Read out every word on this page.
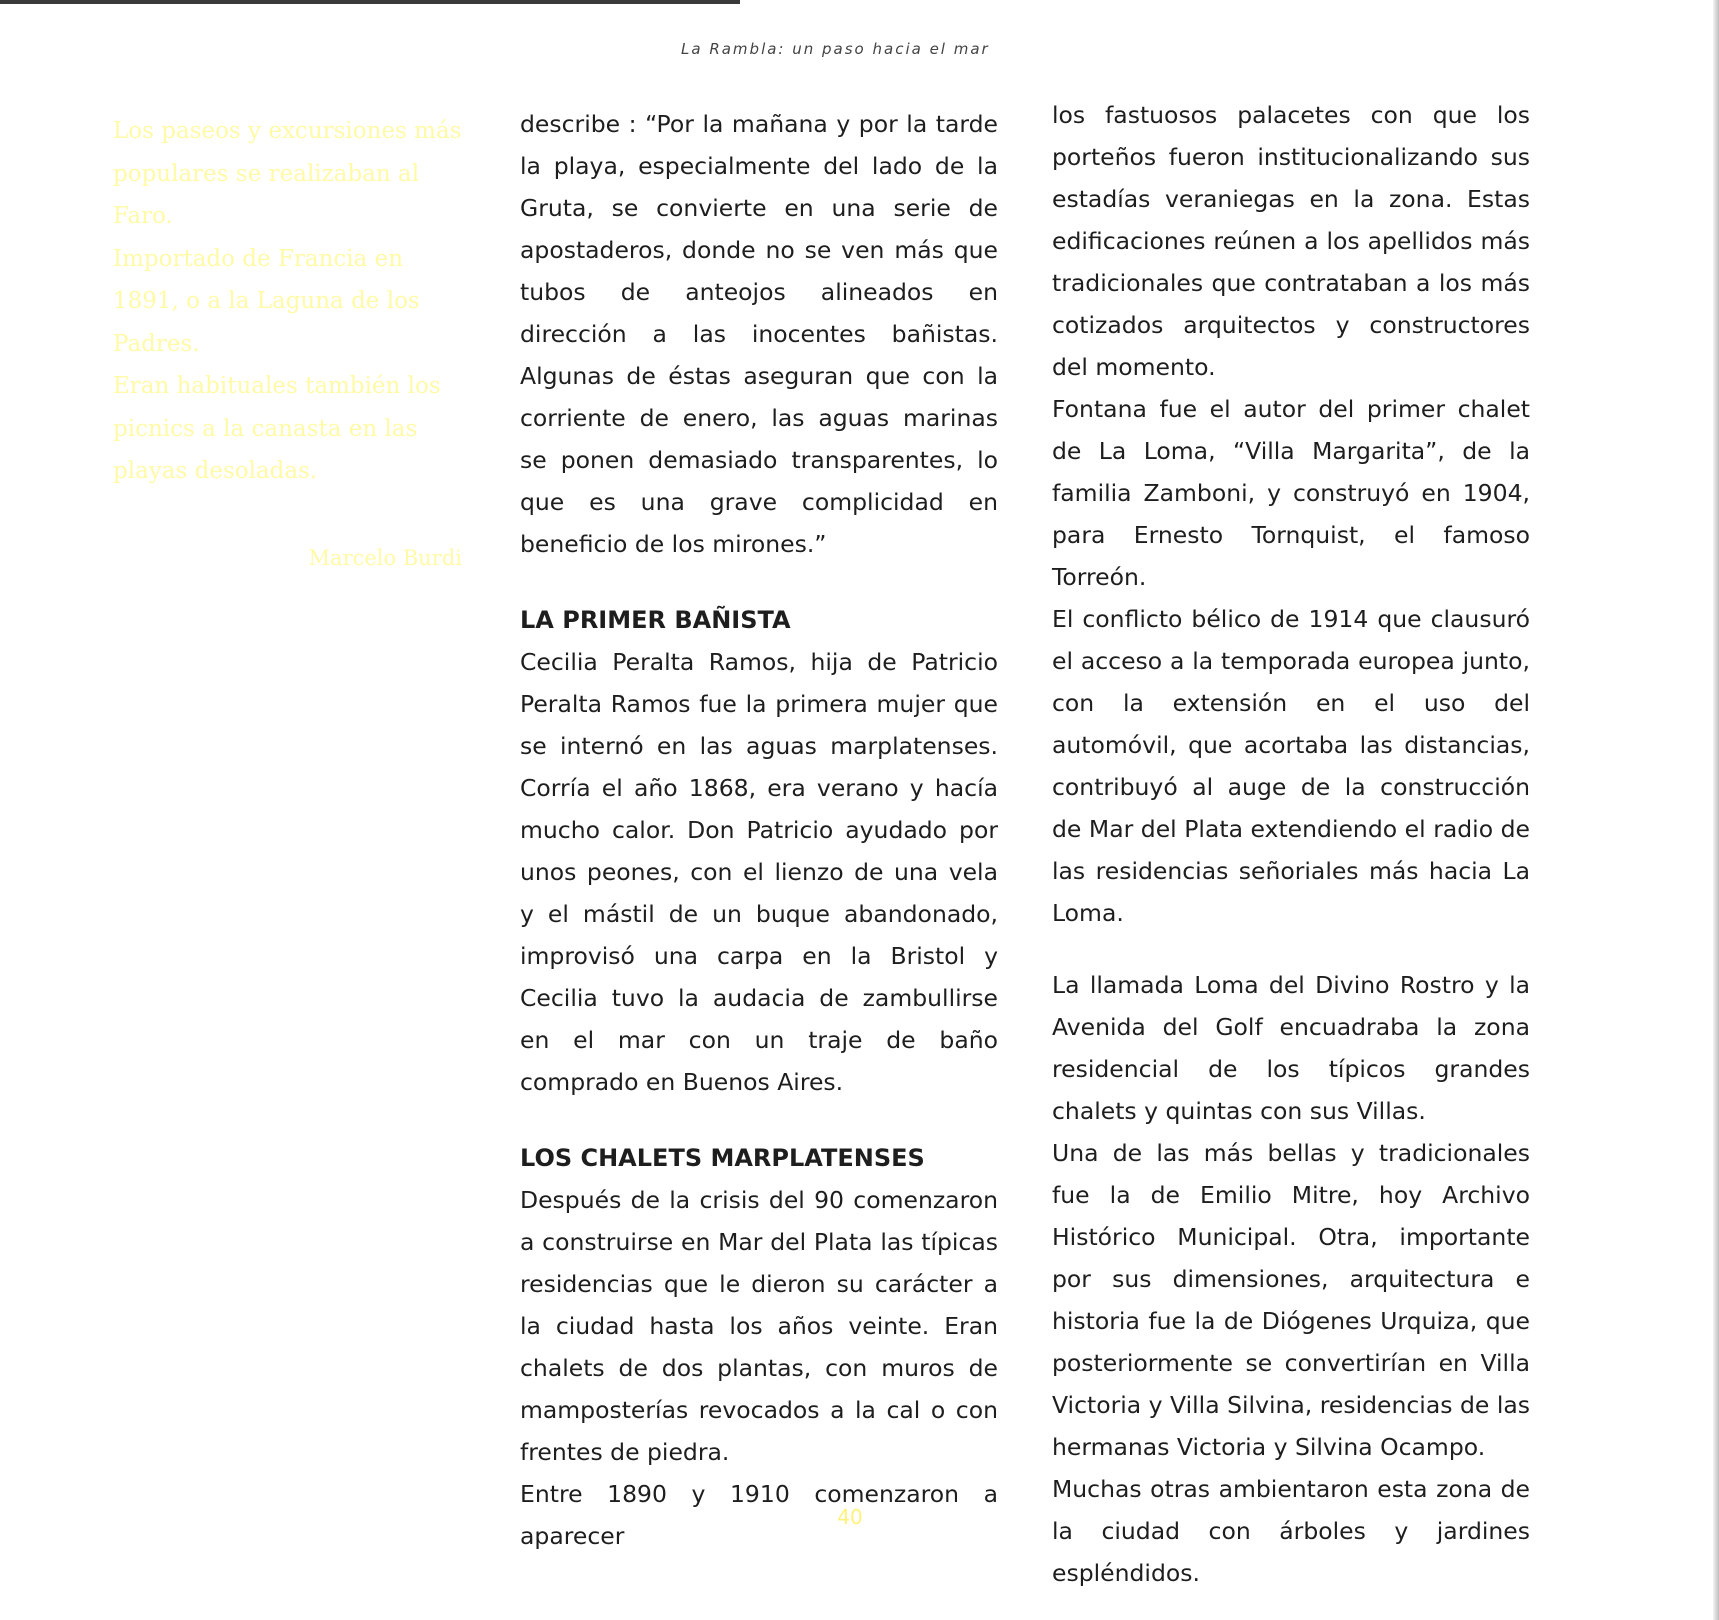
La Rambla: un paso hacia el mar

Los paseos y excursiones más populares se realizaban al Faro.

Importado de Francia en 1891, o a la Laguna de los Padres.

Eran habituales también los picnics a la canasta en las playas desoladas.

Marcelo Burdi

describe : “Por la mañana y por la tarde la playa, especialmente del lado de la Gruta, se convierte en una serie de apostaderos, donde no se ven más que tubos de anteojos alineados en dirección a las inocentes bañistas. Algunas de éstas aseguran que con la corriente de enero, las aguas marinas se ponen demasiado transparentes, lo que es una grave complicidad en beneficio de los mirones.”

LA PRIMER BAÑISTA

Cecilia Peralta Ramos, hija de Patricio Peralta Ramos fue la primera mujer que se internó en las aguas marplatenses. Corría el año 1868, era verano y hacía mucho calor. Don Patricio ayudado por unos peones, con el lienzo de una vela y el mástil de un buque abandonado, improvisó una carpa en la Bristol y Cecilia tuvo la audacia de zambullirse en el mar con un traje de baño comprado en Buenos Aires.

LOS CHALETS MARPLATENSES

Después de la crisis del 90 comenzaron a construirse en Mar del Plata las típicas residencias que le dieron su carácter a la ciudad hasta los años veinte. Eran chalets de dos plantas, con muros de mamposterías revocados a la cal o con frentes de piedra.

Entre 1890 y 1910 comenzaron a aparecer

los fastuosos palacetes con que los porteños fueron institucionalizando sus estadías veraniegas en la zona. Estas edificaciones reúnen a los apellidos más tradicionales que contrataban a los más cotizados arquitectos y constructores del momento.

Fontana fue el autor del primer chalet de La Loma, “Villa Margarita”, de la familia Zamboni, y construyó en 1904, para Ernesto Tornquist, el famoso Torreón.

El conflicto bélico de 1914 que clausuró el acceso a la temporada europea junto, con la extensión en el uso del automóvil, que acortaba las distancias, contribuyó al auge de la construcción de Mar del Plata extendiendo el radio de las residencias señoriales más hacia La Loma.

La llamada Loma del Divino Rostro y la Avenida del Golf encuadraba la zona residencial de los típicos grandes chalets y quintas con sus Villas.

Una de las más bellas y tradicionales fue la de Emilio Mitre, hoy Archivo Histórico Municipal. Otra, importante por sus dimensiones, arquitectura e historia fue la de Diógenes Urquiza, que posteriormente se convertirían en Villa Victoria y Villa Silvina, residencias de las hermanas Victoria y Silvina Ocampo.

Muchas otras ambientaron esta zona de la ciudad con árboles y jardines espléndidos.

40
